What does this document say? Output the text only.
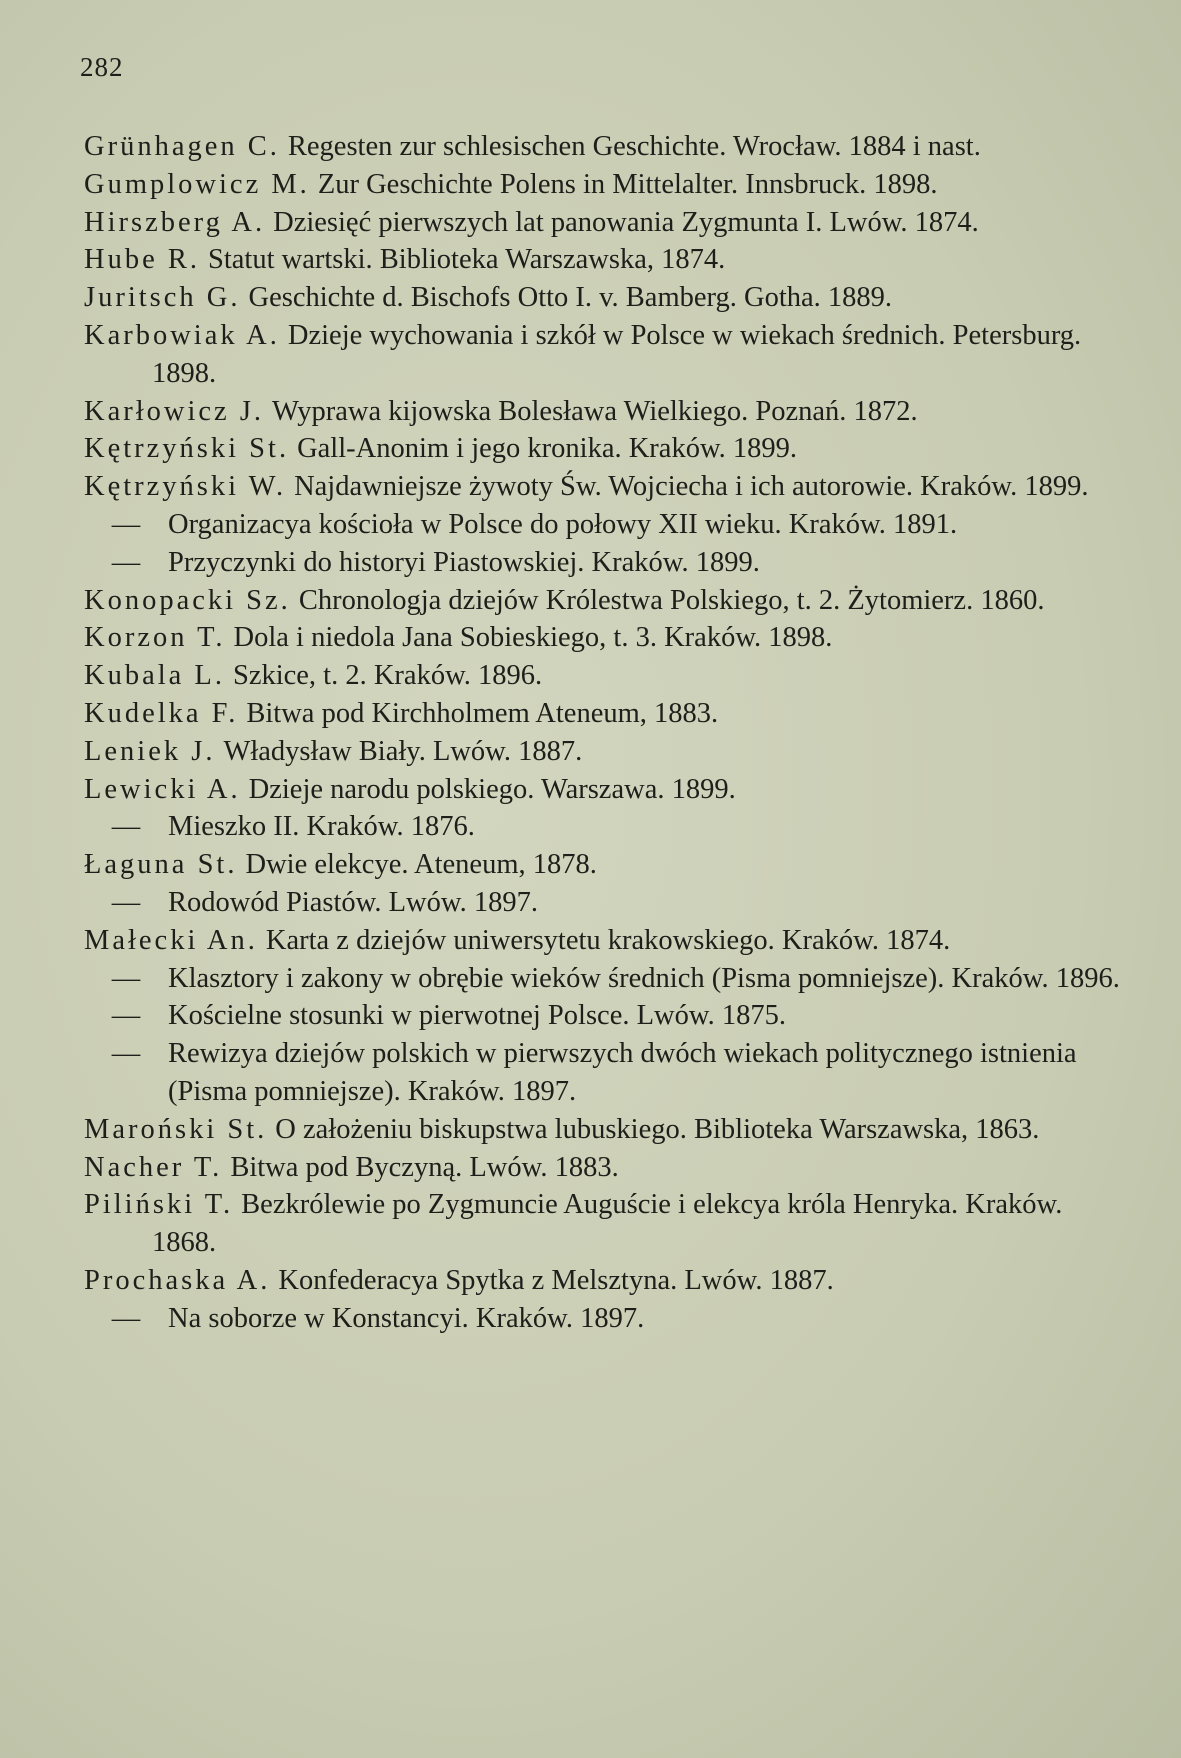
282
Grünhagen C. Regesten zur schlesischen Geschichte. Wrocław. 1884 i nast.
Gumplowicz M. Zur Geschichte Polens in Mittelalter. Innsbruck. 1898.
Hirszberg A. Dziesięć pierwszych lat panowania Zygmunta I. Lwów. 1874.
Hube R. Statut wartski. Biblioteka Warszawska, 1874.
Juritsch G. Geschichte d. Bischofs Otto I. v. Bamberg. Gotha. 1889.
Karbowiak A. Dzieje wychowania i szkół w Polsce w wiekach średnich. Petersburg. 1898.
Karłowicz J. Wyprawa kijowska Bolesława Wielkiego. Poznań. 1872.
Kętrzyński St. Gall-Anonim i jego kronika. Kraków. 1899.
Kętrzyński W. Najdawniejsze żywoty Św. Wojciecha i ich autorowie. Kraków. 1899.
— Organizacya kościoła w Polsce do połowy XII wieku. Kraków. 1891.
— Przyczynki do historyi Piastowskiej. Kraków. 1899.
Konopacki Sz. Chronologja dziejów Królestwa Polskiego, t. 2. Żytomierz. 1860.
Korzon T. Dola i niedola Jana Sobieskiego, t. 3. Kraków. 1898.
Kubala L. Szkice, t. 2. Kraków. 1896.
Kudelka F. Bitwa pod Kirchholmem Ateneum, 1883.
Leniek J. Władysław Biały. Lwów. 1887.
Lewicki A. Dzieje narodu polskiego. Warszawa. 1899.
— Mieszko II. Kraków. 1876.
Łaguna St. Dwie elekcye. Ateneum, 1878.
— Rodowód Piastów. Lwów. 1897.
Małecki An. Karta z dziejów uniwersytetu krakowskiego. Kraków. 1874.
— Klasztory i zakony w obrębie wieków średnich (Pisma pomniejsze). Kraków. 1896.
— Kościelne stosunki w pierwotnej Polsce. Lwów. 1875.
— Rewizya dziejów polskich w pierwszych dwóch wiekach politycznego istnienia (Pisma pomniejsze). Kraków. 1897.
Maroński St. O założeniu biskupstwa lubuskiego. Biblioteka Warszawska, 1863.
Nacher T. Bitwa pod Byczyną. Lwów. 1883.
Piliński T. Bezkrólewie po Zygmuncie Auguście i elekcya króla Henryka. Kraków. 1868.
Prochaska A. Konfederacya Spytka z Melsztyna. Lwów. 1887.
— Na soborze w Konstancyi. Kraków. 1897.
